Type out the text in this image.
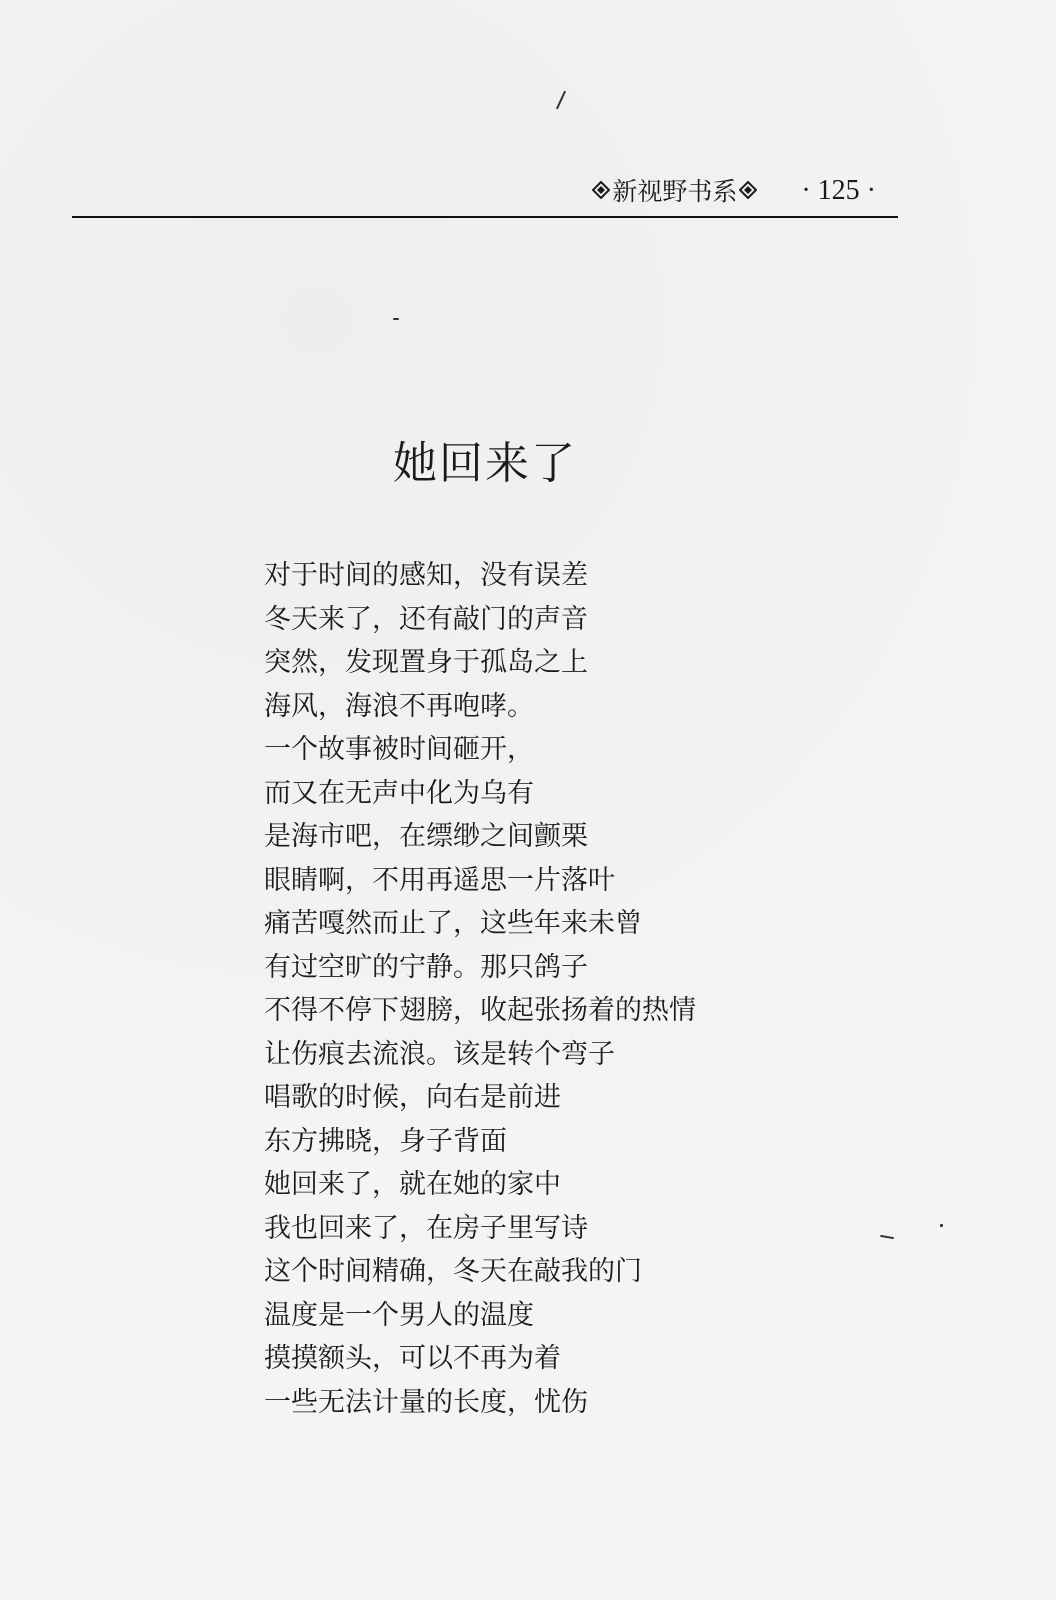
新视野书系 · 125 ·
她回来了
对于时间的感知，没有误差
冬天来了，还有敲门的声音
突然，发现置身于孤岛之上
海风，海浪不再咆哮。
一个故事被时间砸开，
而又在无声中化为乌有
是海市吧，在缥缈之间颤栗
眼睛啊，不用再遥思一片落叶
痛苦嘎然而止了，这些年来未曾
有过空旷的宁静。那只鸽子
不得不停下翅膀，收起张扬着的热情
让伤痕去流浪。该是转个弯子
唱歌的时候，向右是前进
东方拂晓，身子背面
她回来了，就在她的家中
我也回来了，在房子里写诗
这个时间精确，冬天在敲我的门
温度是一个男人的温度
摸摸额头，可以不再为着
一些无法计量的长度，忧伤
